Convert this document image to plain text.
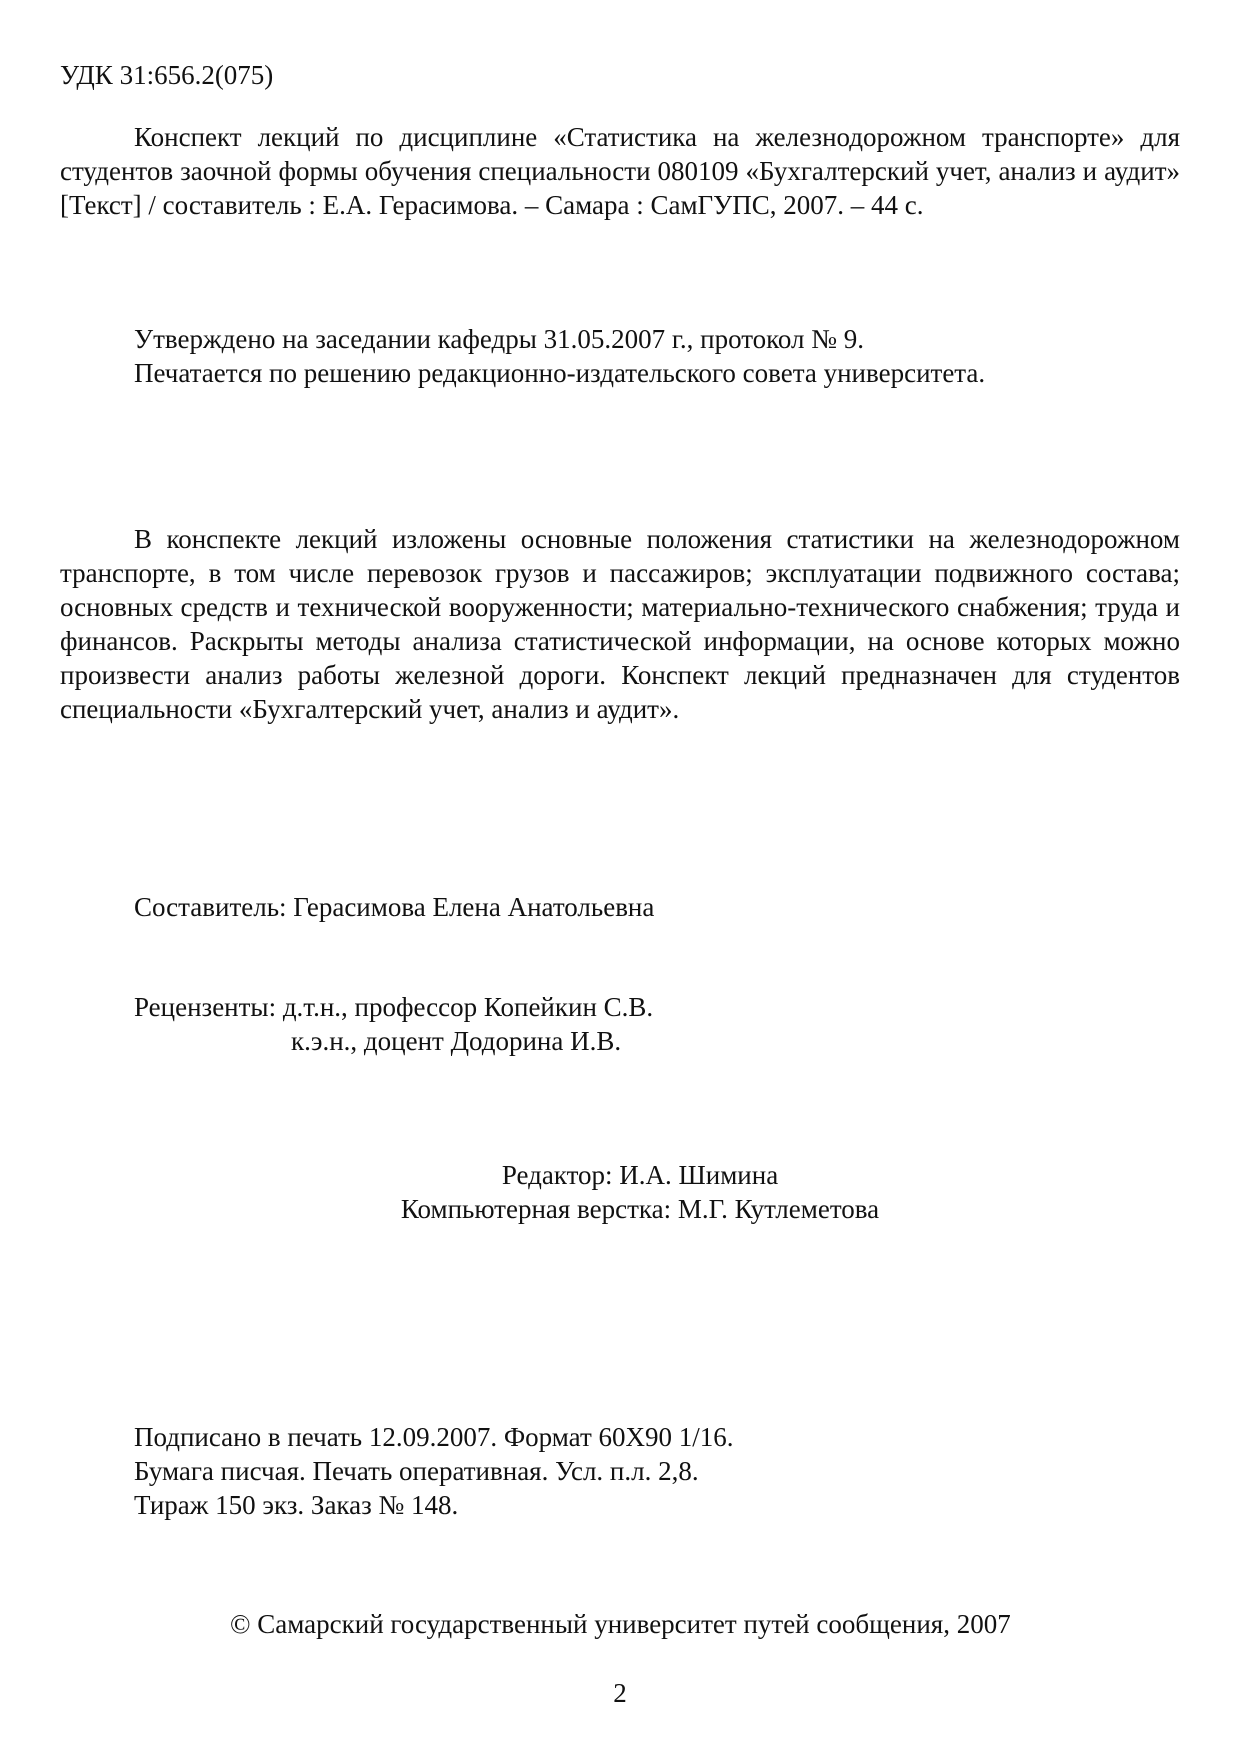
УДК 31:656.2(075)
Конспект лекций по дисциплине «Статистика на железнодорожном транспорте» для студентов заочной формы обучения специальности 080109 «Бухгалтерский учет, анализ и аудит» [Текст] / составитель : Е.А. Герасимова. – Самара : СамГУПС, 2007. – 44 с.
Утверждено на заседании кафедры 31.05.2007 г., протокол № 9.
Печатается по решению редакционно-издательского совета университета.
В конспекте лекций изложены основные положения статистики на железнодорожном транспорте, в том числе перевозок грузов и пассажиров; эксплуатации подвижного состава; основных средств и технической вооруженности; материально-технического снабжения; труда и финансов. Раскрыты методы анализа статистической информации, на основе которых можно произвести анализ работы железной дороги. Конспект лекций предназначен для студентов специальности «Бухгалтерский учет, анализ и аудит».
Составитель: Герасимова Елена Анатольевна
Рецензенты: д.т.н., профессор Копейкин С.В.
к.э.н., доцент Додорина И.В.
Редактор: И.А. Шимина
Компьютерная верстка: М.Г. Кутлеметова
Подписано в печать 12.09.2007. Формат 60X90 1/16.
Бумага писчая. Печать оперативная. Усл. п.л. 2,8.
Тираж 150 экз. Заказ № 148.
© Самарский государственный университет путей сообщения, 2007
2
